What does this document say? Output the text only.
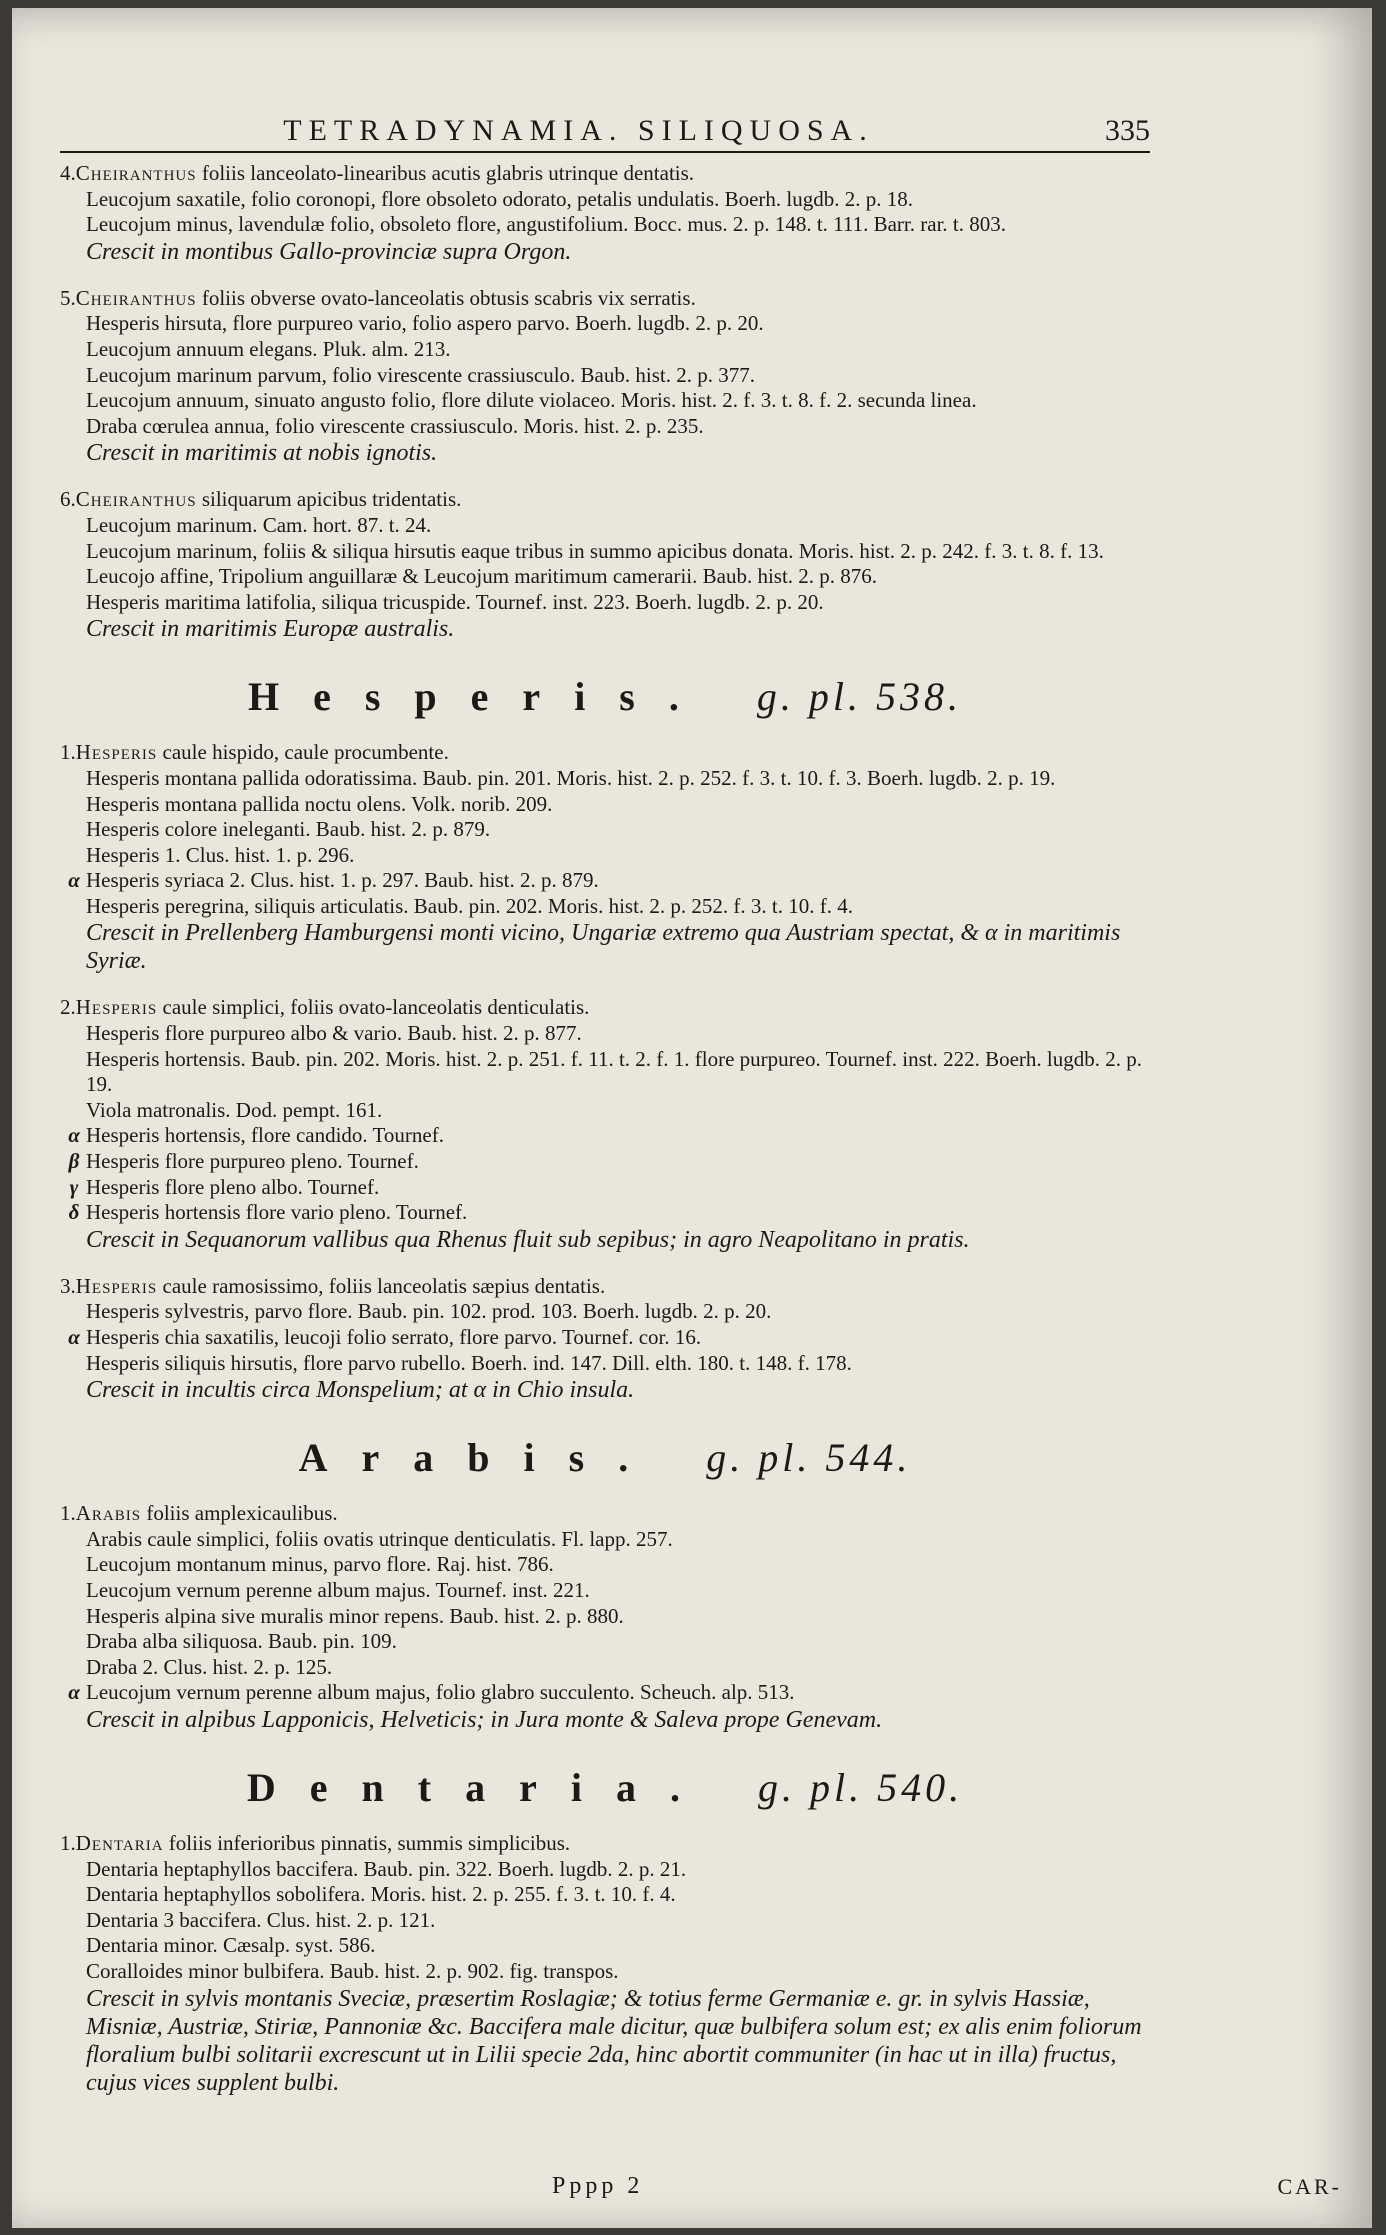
TETRADYNAMIA. SILIQUOSA.	335
4.Cheiranthus foliis lanceolato-linearibus acutis glabris utrinque dentatis.
Leucojum saxatile, folio coronopi, flore obsoleto odorato, petalis undulatis. Boerh. lugdb. 2. p. 18.
Leucojum minus, lavendulæ folio, obsoleto flore, angustifolium. Bocc. mus. 2. p. 148. t. 111. Barr. rar. t. 803.
Crescit in montibus Gallo-provinciæ supra Orgon.
5.Cheiranthus foliis obverse ovato-lanceolatis obtusis scabris vix serratis.
Hesperis hirsuta, flore purpureo vario, folio aspero parvo. Boerh. lugdb. 2. p. 20.
Leucojum annuum elegans. Pluk. alm. 213.
Leucojum marinum parvum, folio virescente crassiusculo. Baub. hist. 2. p. 377.
Leucojum annuum, sinuato angusto folio, flore dilute violaceo. Moris. hist. 2. f. 3. t. 8. f. 2. secunda linea.
Draba cœrulea annua, folio virescente crassiusculo. Moris. hist. 2. p. 235.
Crescit in maritimis at nobis ignotis.
6.Cheiranthus siliquarum apicibus tridentatis.
Leucojum marinum. Cam. hort. 87. t. 24.
Leucojum marinum, foliis & siliqua hirsutis eaque tribus in summo apicibus donata. Moris. hist. 2. p. 242. f. 3. t. 8. f. 13.
Leucojo affine, Tripolium anguillaræ & Leucojum maritimum camerarii. Baub. hist. 2. p. 876.
Hesperis maritima latifolia, siliqua tricuspide. Tournef. inst. 223. Boerh. lugdb. 2. p. 20.
Crescit in maritimis Europæ australis.
Hesperis. g. pl. 538.
1.Hesperis caule hispido, caule procumbente.
Hesperis montana pallida odoratissima. Baub. pin. 201. Moris. hist. 2. p. 252. f. 3. t. 10. f. 3. Boerh. lugdb. 2. p. 19.
Hesperis montana pallida noctu olens. Volk. norib. 209.
Hesperis colore ineleganti. Baub. hist. 2. p. 879.
Hesperis 1. Clus. hist. 1. p. 296.
α Hesperis syriaca 2. Clus. hist. 1. p. 297. Baub. hist. 2. p. 879.
Hesperis peregrina, siliquis articulatis. Baub. pin. 202. Moris. hist. 2. p. 252. f. 3. t. 10. f. 4.
Crescit in Prellenberg Hamburgensi monti vicino, Ungariæ extremo qua Austriam spectat, & α in maritimis Syriæ.
2.Hesperis caule simplici, foliis ovato-lanceolatis denticulatis.
Hesperis flore purpureo albo & vario. Baub. hist. 2. p. 877.
Hesperis hortensis. Baub. pin. 202. Moris. hist. 2. p. 251. f. 11. t. 2. f. 1. flore purpureo. Tournef. inst. 222. Boerh. lugdb. 2. p. 19.
Viola matronalis. Dod. pempt. 161.
α Hesperis hortensis, flore candido. Tournef.
β Hesperis flore purpureo pleno. Tournef.
γ Hesperis flore pleno albo. Tournef.
δ Hesperis hortensis flore vario pleno. Tournef.
Crescit in Sequanorum vallibus qua Rhenus fluit sub sepibus; in agro Neapolitano in pratis.
3.Hesperis caule ramosissimo, foliis lanceolatis sæpius dentatis.
Hesperis sylvestris, parvo flore. Baub. pin. 102. prod. 103. Boerh. lugdb. 2. p. 20.
α Hesperis chia saxatilis, leucoji folio serrato, flore parvo. Tournef. cor. 16.
Hesperis siliquis hirsutis, flore parvo rubello. Boerh. ind. 147. Dill. elth. 180. t. 148. f. 178.
Crescit in incultis circa Monspelium; at α in Chio insula.
Arabis. g. pl. 544.
1.Arabis foliis amplexicaulibus.
Arabis caule simplici, foliis ovatis utrinque denticulatis. Fl. lapp. 257.
Leucojum montanum minus, parvo flore. Raj. hist. 786.
Leucojum vernum perenne album majus. Tournef. inst. 221.
Hesperis alpina sive muralis minor repens. Baub. hist. 2. p. 880.
Draba alba siliquosa. Baub. pin. 109.
Draba 2. Clus. hist. 2. p. 125.
α Leucojum vernum perenne album majus, folio glabro succulento. Scheuch. alp. 513.
Crescit in alpibus Lapponicis, Helveticis; in Jura monte & Saleva prope Genevam.
Dentaria. g. pl. 540.
1.Dentaria foliis inferioribus pinnatis, summis simplicibus.
Dentaria heptaphyllos baccifera. Baub. pin. 322. Boerh. lugdb. 2. p. 21.
Dentaria heptaphyllos sobolifera. Moris. hist. 2. p. 255. f. 3. t. 10. f. 4.
Dentaria 3 baccifera. Clus. hist. 2. p. 121.
Dentaria minor. Cæsalp. syst. 586.
Coralloides minor bulbifera. Baub. hist. 2. p. 902. fig. transpos.
Crescit in sylvis montanis Sveciæ, præsertim Roslagiæ; & totius ferme Germaniæ e. gr. in sylvis Hassiæ, Misniæ, Austriæ, Stiriæ, Pannoniæ &c. Baccifera male dicitur, quæ bulbifera solum est; ex alis enim foliorum floralium bulbi solitarii excrescunt ut in Lilii specie 2da, hinc abortit communiter (in hac ut in illa) fructus, cujus vices supplent bulbi.
Pppp 2	CAR-
